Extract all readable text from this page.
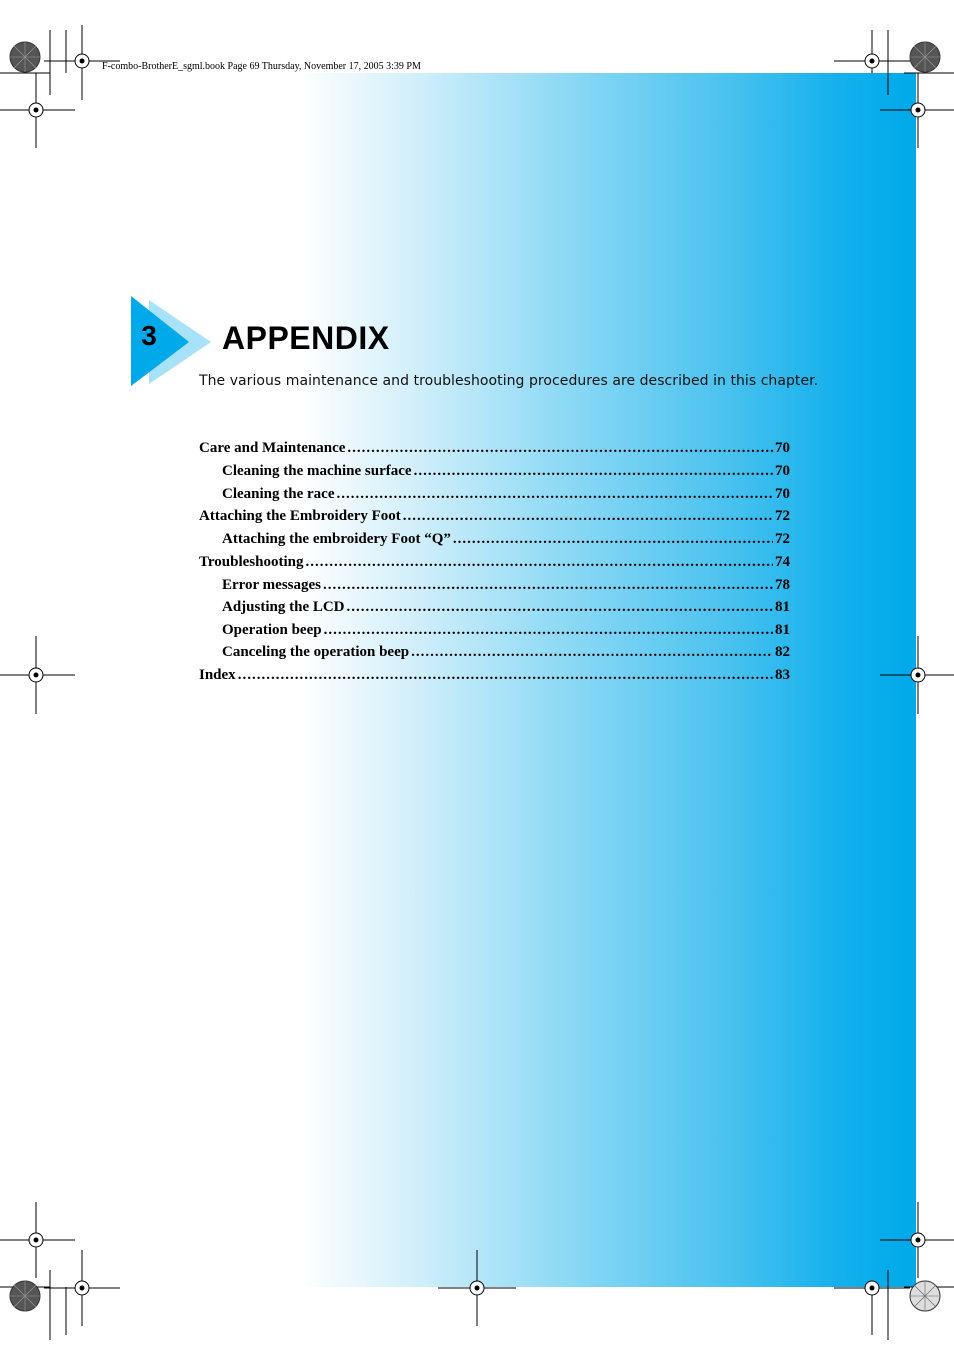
F-combo-BrotherE_sgml.book Page 69 Thursday, November 17, 2005 3:39 PM
3	APPENDIX
The various maintenance and troubleshooting procedures are described in this chapter.
Care and Maintenance .....	70
Cleaning the machine surface .....	70
Cleaning the race .....	70
Attaching the Embroidery Foot .....	72
Attaching the embroidery Foot “Q” .....	72
Troubleshooting .....	74
Error messages .....	78
Adjusting the LCD .....	81
Operation beep .....	81
Canceling the operation beep .....	82
Index .....	83
